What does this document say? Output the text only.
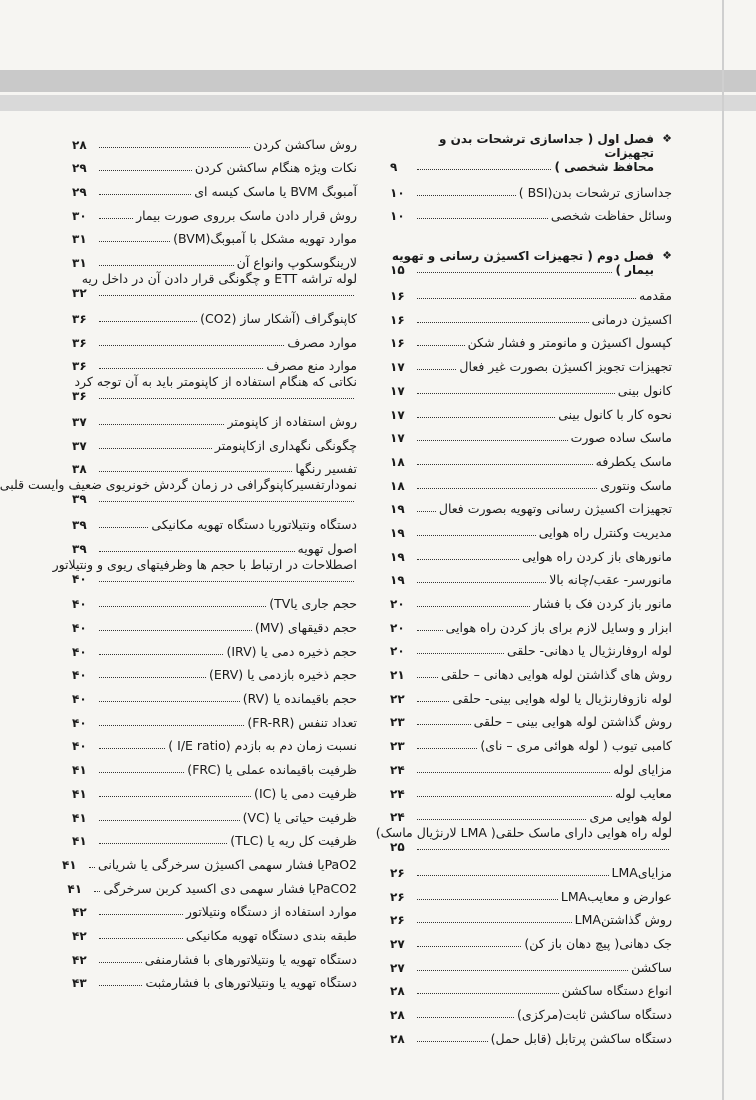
❖
فصل اول ( جداسازی ترشحات بدن و تجهیزات
محافظ شخصی )
۹
جداسازی ترشحات بدن(BSI )
۱۰
وسائل حفاظت شخصی
۱۰
❖
فصل دوم ( تجهیزات اکسیژن رسانی و تهویه
بیمار )
۱۵
مقدمه
۱۶
اکسیژن درمانی
۱۶
کپسول اکسیژن و مانومتر و فشار شکن
۱۶
تجهیزات تجویز اکسیژن بصورت غیر فعال
۱۷
کانول بینی
۱۷
نحوه کار با کانول بینی
۱۷
ماسک ساده صورت
۱۷
ماسک یکطرفه
۱۸
ماسک ونتوری
۱۸
تجهیزات اکسیژن رسانی وتهویه بصورت فعال
۱۹
مدیریت وکنترل راه هوایی
۱۹
مانورهای باز کردن راه هوایی
۱۹
مانورسر- عقب/چانه بالا
۱۹
مانور باز کردن فک با فشار
۲۰
ابزار و وسایل لازم برای باز کردن راه هوایی
۲۰
لوله اروفارنژیال یا دهانی- حلقی
۲۰
روش های گذاشتن لوله هوایی دهانی – حلقی
۲۱
لوله نازوفارنژیال یا لوله هوایی بینی- حلقی
۲۲
روش گذاشتن لوله هوایی بینی – حلقی
۲۳
کامبی تیوب ( لوله هوائی مری – نای)
۲۳
مزایای لوله
۲۴
معایب لوله
۲۴
لوله هوایی مری
۲۴
لوله راه هوایی دارای ماسک حلقی( LMA لارنژیال ماسک)
۲۵
مزایایLMA
۲۶
عوارض و معایبLMA
۲۶
روش گذاشتنLMA
۲۶
جک دهانی( پیچ دهان باز کن)
۲۷
ساکشن
۲۷
انواع دستگاه ساکشن
۲۸
دستگاه ساکشن ثابت(مرکزی)
۲۸
دستگاه ساکشن پرتابل (قابل حمل)
۲۸
روش ساکشن کردن
۲۸
نکات ویژه هنگام ساکشن کردن
۲۹
آمبوبگ BVM یا ماسک کیسه ای
۲۹
روش قرار دادن ماسک برروی صورت بیمار
۳۰
موارد تهویه مشکل با آمبوبگ(BVM)
۳۱
لارینگوسکوپ وانواع آن
۳۱
لوله تراشه ETT و چگونگی قرار دادن آن در داخل ریه
۳۲
کاپنوگراف (آشکار ساز (CO2)
۳۶
موارد مصرف
۳۶
موارد منع مصرف
۳۶
نکاتی که هنگام استفاده از کاپنومتر باید به آن توجه کرد
۳۶
روش استفاده از کاپنومتر
۳۷
چگونگی نگهداری ازکاپنومتر
۳۷
تفسیر رنگها
۳۸
نمودارتفسیرکاپنوگرافی در زمان گردش خونریوی ضعیف وایست قلبی
۳۹
دستگاه ونتیلاتوریا دستگاه تهویه مکانیکی
۳۹
اصول تهویه
۳۹
اصطلاحات در ارتباط با حجم ها وظرفیتهای ریوی و ونتیلاتور
۴۰
حجم جاری یاTV)
۴۰
حجم دقیقهای (MV)
۴۰
حجم ذخیره دمی یا (IRV)
۴۰
حجم ذخیره بازدمی یا (ERV)
۴۰
حجم باقیمانده یا (RV)
۴۰
تعداد تنفس (FR-RR)
۴۰
نسبت زمان دم به بازدم (I/E ratio )
۴۰
ظرفیت باقیمانده عملی یا (FRC)
۴۱
ظرفیت دمی یا (IC)
۴۱
ظرفیت حیاتی یا (VC)
۴۱
ظرفیت کل ریه یا (TLC)
۴۱
PaO2یا فشار سهمی اکسیژن سرخرگی یا شریانی
۴۱
PaCO2یا فشار سهمی دی اکسید کربن سرخرگی
۴۱
موارد استفاده از دستگاه ونتیلاتور
۴۲
طبقه بندی دستگاه تهویه مکانیکی
۴۲
دستگاه تهویه یا ونتیلاتورهای با فشارمنفی
۴۲
دستگاه تهویه یا ونتیلاتورهای با فشارمثبت
۴۳
